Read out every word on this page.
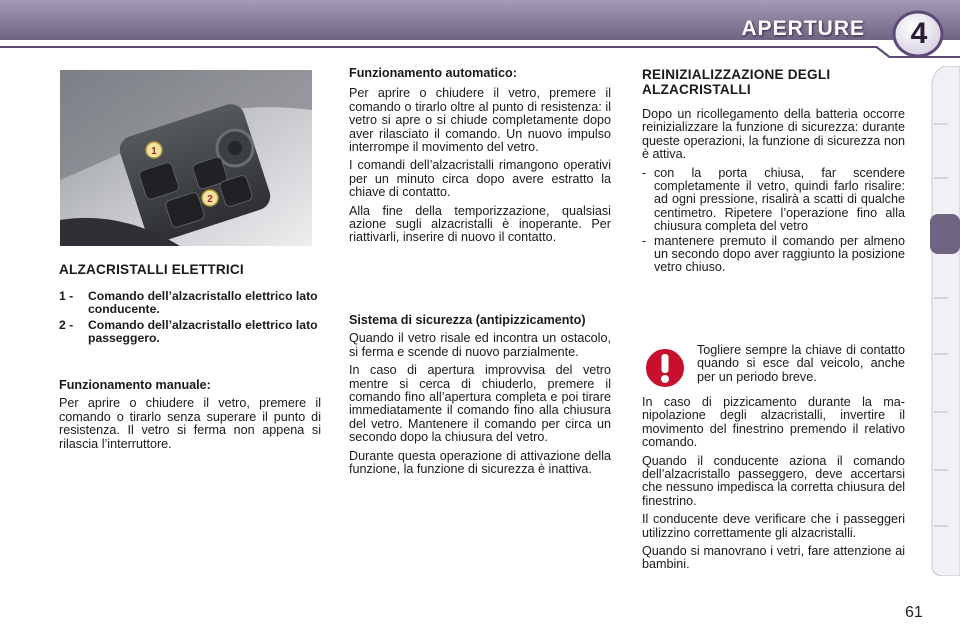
APERTURE	4
1
2
ALZACRISTALLI ELETTRICI
1 -	Comando dell’alzacristallo elettrico lato conducente.
2 -	Comando dell’alzacristallo elettrico lato passeggero.

Funzionamento manuale:

Per aprire o chiudere il vetro, premere il comando o tirarlo senza superare il punto di resistenza. Il vetro si ferma non appena si rilascia l’interruttore.

Funzionamento automatico:

Per aprire o chiudere il vetro, premere il comando o tirarlo oltre al punto di resistenza: il vetro si apre o si chiude completamente dopo aver rilasciato il comando. Un nuovo impulso interrompe il movimento del vetro.

I comandi dell’alzacristalli rimangono operativi per un minuto circa dopo avere estratto la chiave di contatto.

Alla fine della temporizzazione, qualsiasi azione sugli alzacristalli è inoperante. Per riattivarli, inserire di nuovo il contatto.

Sistema di sicurezza (antipizzicamento)

Quando il vetro risale ed incontra un ostacolo, si ferma e scende di nuovo parzialmente.

In caso di apertura improvvisa del vetro mentre si cerca di chiuderlo, premere il comando fino all’apertura completa e poi tirare immediatamente il comando fino alla chiusura del vetro. Mantenere il comando per circa un secondo dopo la chiusura del vetro.

Durante questa operazione di attivazione della funzione, la funzione di sicurezza è inattiva.

REINIZIALIZZAZIONE DEGLI ALZACRISTALLI

Dopo un ricollegamento della batteria occorre reinizializzare la funzione di sicurezza: durante queste operazioni, la funzione di sicurezza non è attiva.

- con la porta chiusa, far scendere completamente il vetro, quindi farlo risalire: ad ogni pressione, risalirà a scatti di qualche centimetro. Ripetere l’operazione fino alla chiusura completa del vetro
- mantenere premuto il comando per almeno un secondo dopo aver raggiunto la posizione vetro chiuso.

Togliere sempre la chiave di contatto quando si esce dal veicolo, anche per un periodo breve.

In caso di pizzicamento durante la manipolazione degli alzacristalli, invertire il movimento del finestrino premendo il relativo comando.

Quando il conducente aziona il comando dell’alzacristallo passeggero, deve accertarsi che nessuno impedisca la corretta chiusura del finestrino.

Il conducente deve verificare che i passeggeri utilizzino correttamente gli alzacristalli.

Quando si manovrano i vetri, fare attenzione ai bambini.

61
